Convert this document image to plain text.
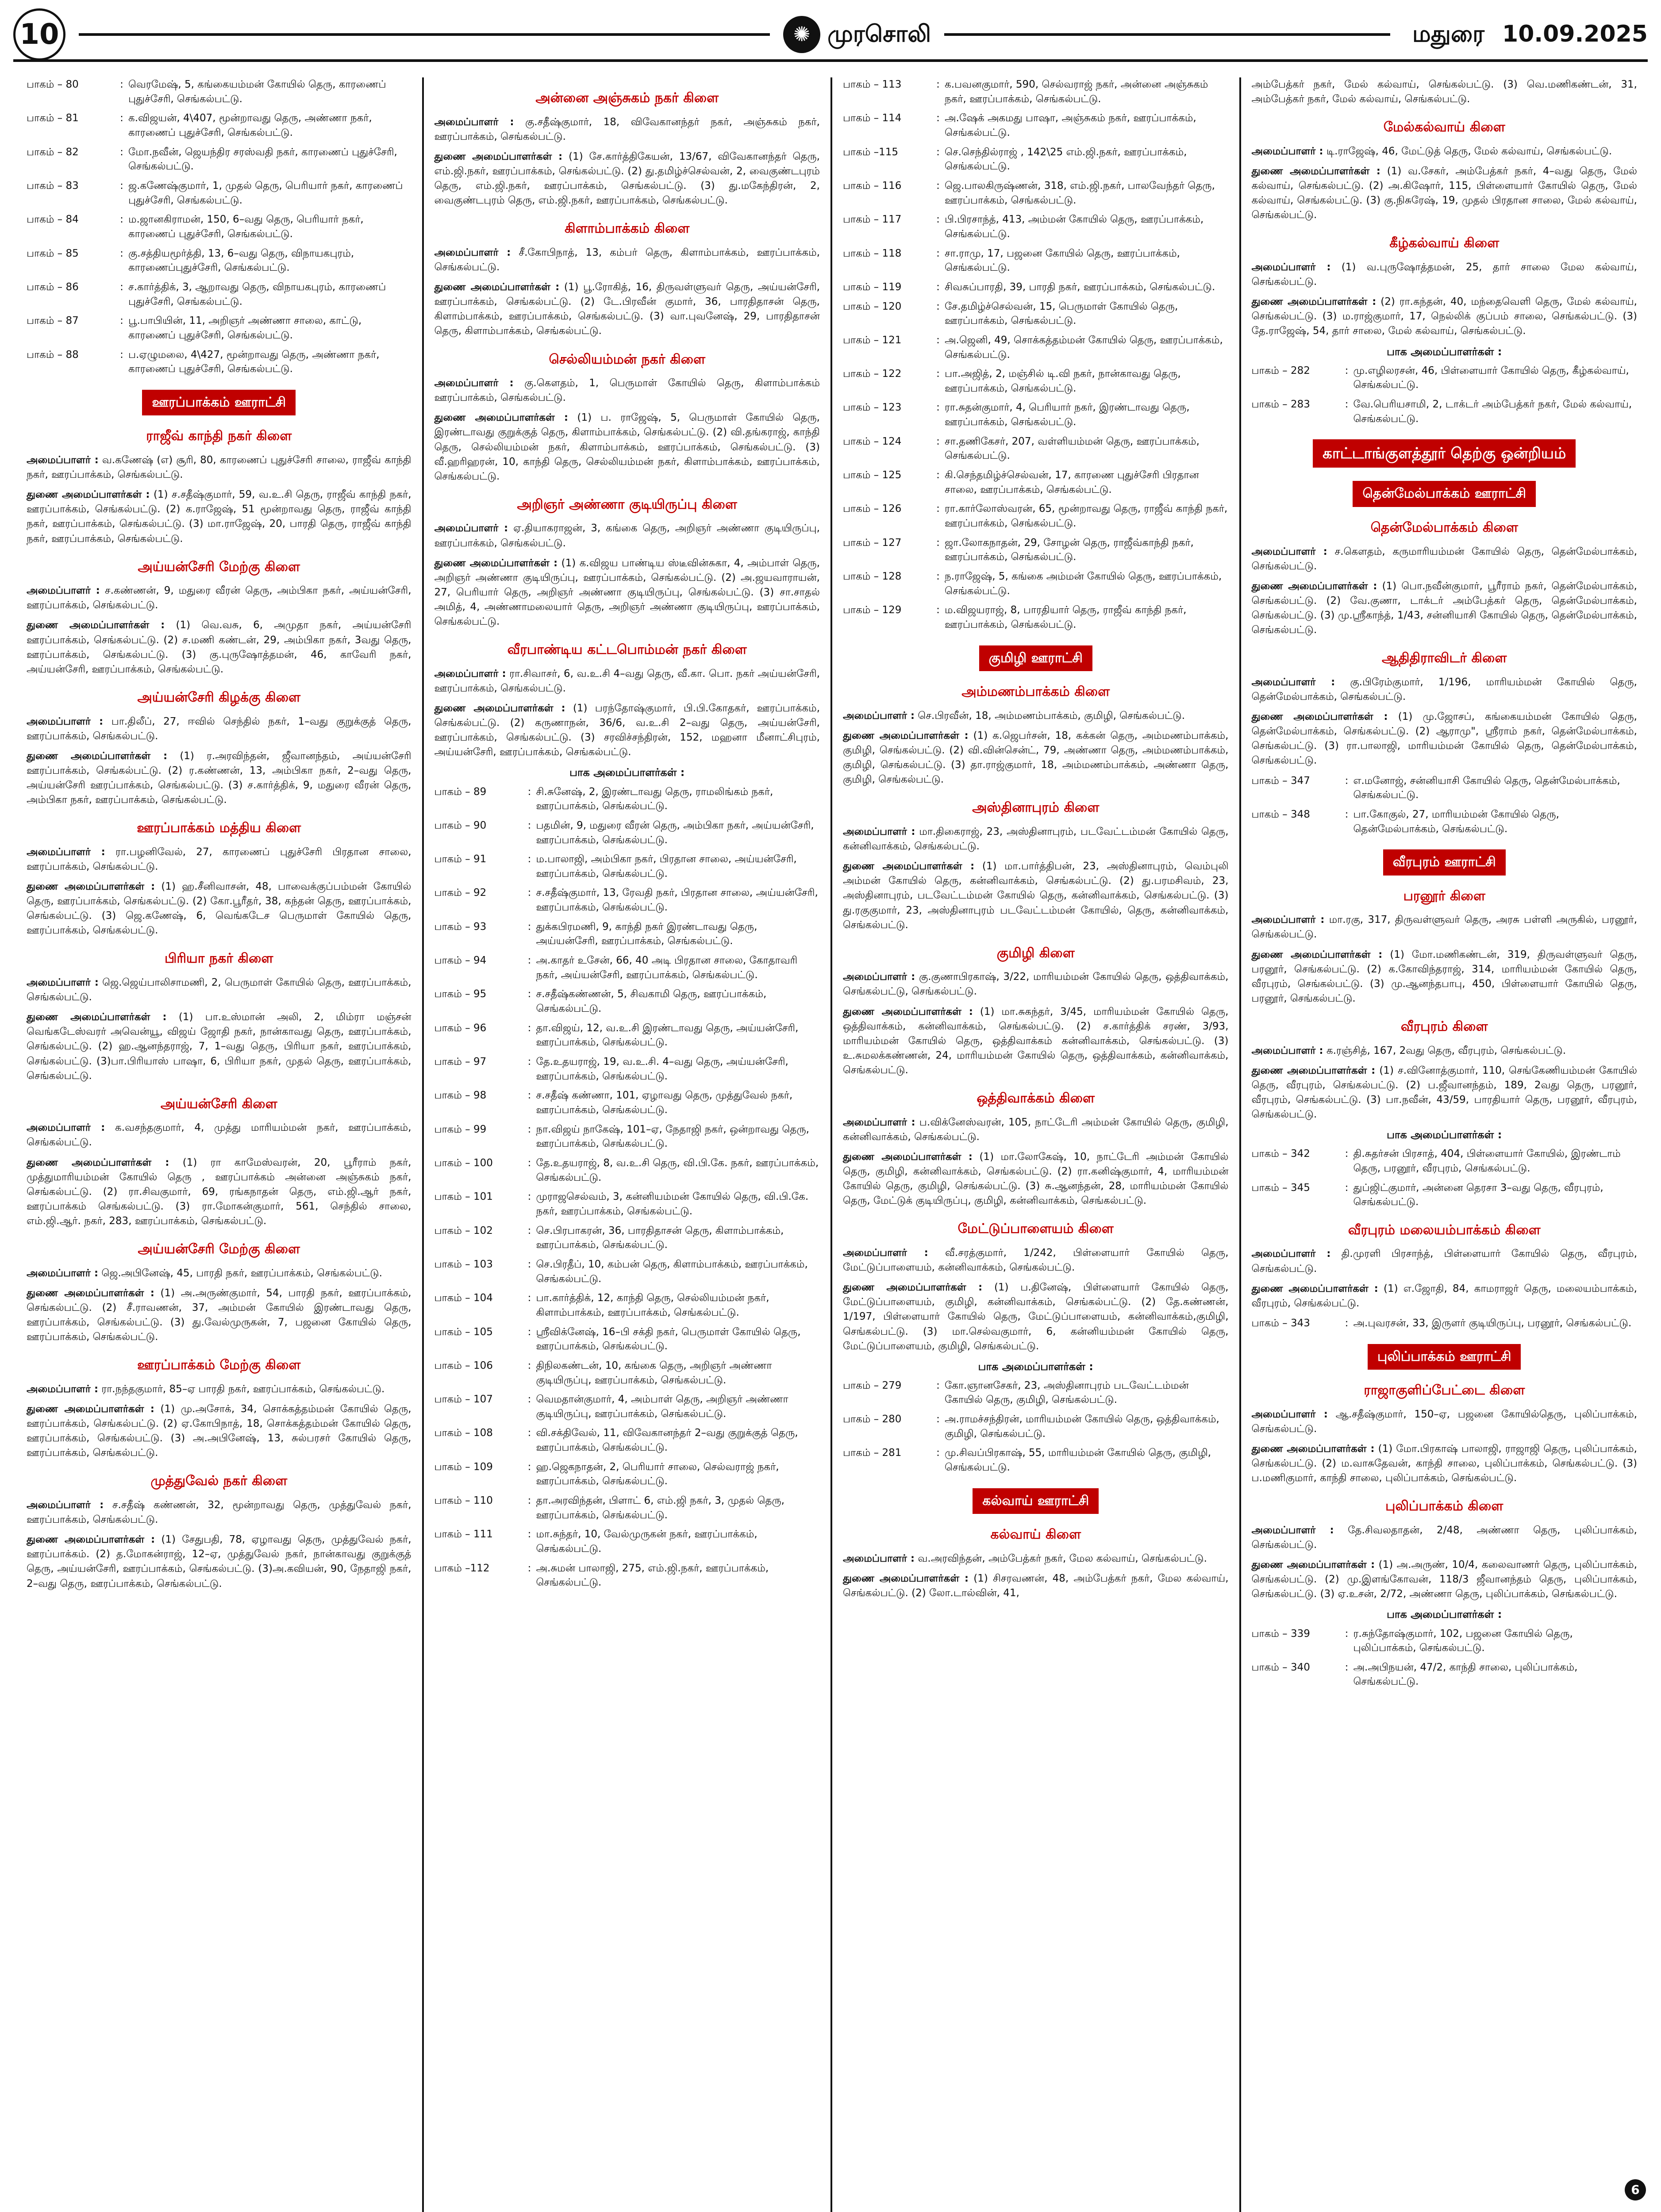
10	✺ முரசொலி	மதுரை 10.09.2025
பாகம் – 80	: வெரமேஷ், 5, கங்கையம்மன் கோயில் தெரு, காரணைப் புதுச்சேரி, செங்கல்பட்டு.
பாகம் – 81	: க.விஜயன், 4\407, மூன்றாவது தெரு, அண்ணா நகர், காரணைப் புதுச்சேரி, செங்கல்பட்டு.
பாகம் – 82	: மோ.நவீன், ஜெயந்திர சரஸ்வதி நகர், காரணைப் புதுச்சேரி, செங்கல்பட்டு.
பாகம் – 83	: ஜ.கணேஷ்குமார், 1, முதல் தெரு, பெரியார் நகர், காரணைப் புதுச்சேரி, செங்கல்பட்டு.
பாகம் – 84	: ம.ஜானகிராமன், 150, 6–வது தெரு, பெரியார் நகர், காரணைப் புதுச்சேரி, செங்கல்பட்டு.
பாகம் – 85	: கு.சத்தியமூர்த்தி, 13, 6–வது தெரு, விநாயகபுரம், காரணைப்புதுச்சேரி, செங்கல்பட்டு.
பாகம் – 86	: ச.கார்த்திக், 3, ஆறாவது தெரு, விநாயகபுரம், காரணைப் புதுச்சேரி, செங்கல்பட்டு.
பாகம் – 87	: பூ.பாபியின், 11, அறிஞர் அண்ணா சாலை, காட்டு, காரணைப் புதுச்சேரி, செங்கல்பட்டு.
பாகம் – 88	: ப.ஏழுமலை, 4\427, மூன்றாவது தெரு, அண்ணா நகர், காரணைப் புதுச்சேரி, செங்கல்பட்டு.
ஊரப்பாக்கம் ஊராட்சி
ராஜீவ் காந்தி நகர் கிளை
அமைப்பாளர் : வ.கணேஷ் (எ) சூரி, 80, காரணைப் புதுச்சேரி சாலை, ராஜீவ் காந்தி நகர், ஊரப்பாக்கம், செங்கல்பட்டு.
துணை அமைப்பாளர்கள் : (1) ச.சதீஷ்குமார், 59, வ.உ.சி தெரு, ராஜீவ் காந்தி நகர், ஊரப்பாக்கம், செங்கல்பட்டு. (2) க.ராஜேஷ், 51 மூன்றாவது தெரு, ராஜீவ் காந்தி நகர், ஊரப்பாக்கம், செங்கல்பட்டு. (3) மா.ராஜேஷ், 20, பாரதி தெரு, ராஜீவ் காந்தி நகர், ஊரப்பாக்கம், செங்கல்பட்டு.
அய்யன்சேரி மேற்கு கிளை
அமைப்பாளர் : ச.கண்ணன், 9, மதுரை வீரன் தெரு, அம்பிகா நகர், அய்யன்சேரி, ஊரப்பாக்கம், செங்கல்பட்டு.
துணை அமைப்பாளர்கள் : (1) வெ.வசு, 6, அமுதா நகர், அய்யன்சேரி ஊரப்பாக்கம், செங்கல்பட்டு. (2) ச.மணி கண்டன், 29, அம்பிகா நகர், 3வது தெரு, ஊரப்பாக்கம், செங்கல்பட்டு. (3) கு.புருஷோத்தமன், 46, காவேரி நகர், அய்யன்சேரி, ஊரப்பாக்கம், செங்கல்பட்டு.
அய்யன்சேரி கிழக்கு கிளை
அமைப்பாளர் : பா.திலீப், 27, ஈவில் செந்தில் நகர், 1–வது குறுக்குத் தெரு, ஊரப்பாக்கம், செங்கல்பட்டு.
துணை அமைப்பாளர்கள் : (1) ர.அரவிந்தன், ஜீவானந்தம், அய்யன்சேரி ஊரப்பாக்கம், செங்கல்பட்டு. (2) ர.கண்ணன், 13, அம்பிகா நகர், 2–வது தெரு, அய்யன்சேரி ஊரப்பாக்கம், செங்கல்பட்டு. (3) ச.கார்த்திக், 9, மதுரை வீரன் தெரு, அம்பிகா நகர், ஊரப்பாக்கம், செங்கல்பட்டு.
ஊரப்பாக்கம் மத்திய கிளை
அமைப்பாளர் : ரா.பழனிவேல், 27, காரணைப் புதுச்சேரி பிரதான சாலை, ஊரப்பாக்கம், செங்கல்பட்டு.
துணை அமைப்பாளர்கள் : (1) ஹ.சீனிவாசன், 48, பாவைக்குப்பம்மன் கோயில் தெரு, ஊரப்பாக்கம், செங்கல்பட்டு. (2) கோ.பூரீதர், 38, கந்தன் தெரு, ஊரப்பாக்கம், செங்கல்பட்டு. (3) ஜெ.கணேஷ், 6, வெங்கடேச பெருமாள் கோயில் தெரு, ஊரப்பாக்கம், செங்கல்பட்டு.
பிரியா நகர் கிளை
அமைப்பாளர் : ஜெ.ஜெய்பாலிசாமணி, 2, பெருமாள் கோயில் தெரு, ஊரப்பாக்கம், செங்கல்பட்டு.
துணை அமைப்பாளர்கள் : (1) பா.உஸ்மான் அலி, 2, மிம்ரா மஞ்சன் வெங்கடேஸ்வரர் அவென்யூ, விஜய் ஜோதி நகர், நான்காவது தெரு, ஊரப்பாக்கம், செங்கல்பட்டு. (2) ஹ.ஆனந்தராஜ், 7, 1–வது தெரு, பிரியா நகர், ஊரப்பாக்கம், செங்கல்பட்டு. (3)பா.பிரியாஸ் பாஷா, 6, பிரியா நகர், முதல் தெரு, ஊரப்பாக்கம், செங்கல்பட்டு.
அய்யன்சேரி கிளை
அமைப்பாளர் : க.வசந்தகுமார், 4, முத்து மாரியம்மன் நகர், ஊரப்பாக்கம், செங்கல்பட்டு.
துணை அமைப்பாளர்கள் : (1) ரா காமேஸ்வரன், 20, பூரீராம் நகர், முத்துமாரியம்மன் கோயில் தெரு , ஊரப்பாக்கம் அன்னை அஞ்சுகம் நகர், செங்கல்பட்டு. (2) ரா.சிவகுமார், 69, ரங்கநாதன் தெரு, எம்.ஜி.ஆர் நகர், ஊரப்பாக்கம் செங்கல்பட்டு. (3) ரா.மோகன்குமார், 561, செந்தில் சாலை, எம்.ஜி.ஆர். நகர், 283, ஊரப்பாக்கம், செங்கல்பட்டு.
அய்யன்சேரி மேற்கு கிளை
அமைப்பாளர் : ஜெ.அபினேஷ், 45, பாரதி நகர், ஊரப்பாக்கம், செங்கல்பட்டு.
துணை அமைப்பாளர்கள் : (1) அ.அருண்குமார், 54, பாரதி நகர், ஊரப்பாக்கம், செங்கல்பட்டு. (2) சீ.ராவணன், 37, அம்மன் கோயில் இரண்டாவது தெரு, ஊரப்பாக்கம், செங்கல்பட்டு. (3) து.வேல்முருகன், 7, பஜனை கோயில் தெரு, ஊரப்பாக்கம், செங்கல்பட்டு.
ஊரப்பாக்கம் மேற்கு கிளை
அமைப்பாளர் : ரா.நந்தகுமார், 85–ஏ பாரதி நகர், ஊரப்பாக்கம், செங்கல்பட்டு.
துணை அமைப்பாளர்கள் : (1) மு.அசோக், 34, சொக்கத்தம்மன் கோயில் தெரு, ஊரப்பாக்கம், செங்கல்பட்டு. (2) ஏ.கோபிநாத், 18, சொக்கத்தம்மன் கோயில் தெரு, ஊரப்பாக்கம், செங்கல்பட்டு. (3) அ.அபினேஷ், 13, சுல்பரசர் கோயில் தெரு, ஊரப்பாக்கம், செங்கல்பட்டு.
முத்துவேல் நகர் கிளை
அமைப்பாளர் : ச.சதீஷ் கண்ணன், 32, மூன்றாவது தெரு, முத்துவேல் நகர், ஊரப்பாக்கம், செங்கல்பட்டு.
துணை அமைப்பாளர்கள் : (1) சேதுபதி, 78, ஏழாவது தெரு, முத்துவேல் நகர், ஊரப்பாக்கம். (2) த.மோகன்ராஜ், 12–ஏ, முத்துவேல் நகர், நான்காவது குறுக்குத் தெரு, அய்யன்சேரி, ஊரப்பாக்கம், செங்கல்பட்டு. (3)அ.கவியன், 90, நேதாஜி நகர், 2–வது தெரு, ஊரப்பாக்கம், செங்கல்பட்டு.
அன்னை அஞ்சுகம் நகர் கிளை
அமைப்பாளர் : கு.சதீஷ்குமார், 18, விவேகானந்தர் நகர், அஞ்சுகம் நகர், ஊரப்பாக்கம், செங்கல்பட்டு.
துணை அமைப்பாளர்கள் : (1) சே.கார்த்திகேயன், 13/67, விவேகானந்தர் தெரு, எம்.ஜி.நகர், ஊரப்பாக்கம், செங்கல்பட்டு. (2) து.தமிழ்ச்செல்வன், 2, வைகுண்டபுரம் தெரு, எம்.ஜி.நகர், ஊரப்பாக்கம், செங்கல்பட்டு. (3) து.மகேந்திரன், 2, வைகுண்டபுரம் தெரு, எம்.ஜி.நகர், ஊரப்பாக்கம், செங்கல்பட்டு.
கிளாம்பாக்கம் கிளை
அமைப்பாளர் : சீ.கோபிநாத், 13, கம்பர் தெரு, கிளாம்பாக்கம், ஊரப்பாக்கம், செங்கல்பட்டு.
துணை அமைப்பாளர்கள் : (1) பூ.ரோகித், 16, திருவள்ளுவர் தெரு, அய்யன்சேரி, ஊரப்பாக்கம், செங்கல்பட்டு. (2) டே.பிரவீன் குமார், 36, பாரதிதாசன் தெரு, கிளாம்பாக்கம், ஊரப்பாக்கம், செங்கல்பட்டு. (3) வா.புவனேஷ், 29, பாரதிதாசன் தெரு, கிளாம்பாக்கம், செங்கல்பட்டு.
செல்லியம்மன் நகர் கிளை
அமைப்பாளர் : கு.கௌதம், 1, பெருமாள் கோயில் தெரு, கிளாம்பாக்கம் ஊரப்பாக்கம், செங்கல்பட்டு.
துணை அமைப்பாளர்கள் : (1) ப. ராஜேஷ், 5, பெருமாள் கோயில் தெரு, இரண்டாவது குறுக்குத் தெரு, கிளாம்பாக்கம், செங்கல்பட்டு. (2) வி.தங்கராஜ், காந்தி தெரு, செல்லியம்மன் நகர், கிளாம்பாக்கம், ஊரப்பாக்கம், செங்கல்பட்டு. (3) வீ.ஹரிஹரன், 10, காந்தி தெரு, செல்லியம்மன் நகர், கிளாம்பாக்கம், ஊரப்பாக்கம், செங்கல்பட்டு.
அறிஞர் அண்ணா குடியிருப்பு கிளை
அமைப்பாளர் : ஏ.தியாகராஜன், 3, கங்கை தெரு, அறிஞர் அண்ணா குடியிருப்பு, ஊரப்பாக்கம், செங்கல்பட்டு.
துணை அமைப்பாளர்கள் : (1) க.விஜய பாண்டிய ஸ்டீவின்சுகா, 4, அம்பாள் தெரு, அறிஞர் அண்ணா குடியிருப்பு, ஊரப்பாக்கம், செங்கல்பட்டு. (2) அ.ஜயவாராயன், 27, பெரியார் தெரு, அறிஞர் அண்ணா குடியிருப்பு, செங்கல்பட்டு. (3) சா.சாதல் அமித், 4, அண்ணாமலையார் தெரு, அறிஞர் அண்ணா குடியிருப்பு, ஊரப்பாக்கம், செங்கல்பட்டு.
வீரபாண்டிய கட்டபொம்மன் நகர் கிளை
அமைப்பாளர் : ரா.சிவாசர், 6, வ.உ.சி 4–வது தெரு, வீ.கா. பொ. நகர் அய்யன்சேரி, ஊரப்பாக்கம், செங்கல்பட்டு.
துணை அமைப்பாளர்கள் : (1) பரந்தோஷ்குமார், பி.பி.கோதகர், ஊரப்பாக்கம், செங்கல்பட்டு. (2) கருணாநன், 36/6, வ.உ.சி 2–வது தெரு, அய்யன்சேரி, ஊரப்பாக்கம், செங்கல்பட்டு. (3) சரவிச்சந்திரன், 152, மஹனா மீனாட்சிபுரம், அய்யன்சேரி, ஊரப்பாக்கம், செங்கல்பட்டு.
பாக அமைப்பாளர்கள் :
பாகம் – 89	: சி.சுனேஷ், 2, இரண்டாவது தெரு, ராமலிங்கம் நகர், ஊரப்பாக்கம், செங்கல்பட்டு.
பாகம் – 90	: பதமின், 9, மதுரை வீரன் தெரு, அம்பிகா நகர், அய்யன்சேரி, ஊரப்பாக்கம், செங்கல்பட்டு.
பாகம் – 91	: ம.பாலாஜி, அம்பிகா நகர், பிரதான சாலை, அய்யன்சேரி, ஊரப்பாக்கம், செங்கல்பட்டு.
பாகம் – 92	: ச.சதீஷ்குமார், 13, ரேவதி நகர், பிரதான சாலை, அய்யன்சேரி, ஊரப்பாக்கம், செங்கல்பட்டு.
பாகம் – 93	: துக்கபிரமணி, 9, காந்தி நகர் இரண்டாவது தெரு, அய்யன்சேரி, ஊரப்பாக்கம், செங்கல்பட்டு.
பாகம் – 94	: அ.காதர் உசேன், 66, 40 அடி பிரதான சாலை, கோதாவரி நகர், அய்யன்சேரி, ஊரப்பாக்கம், செங்கல்பட்டு.
பாகம் – 95	: ச.சதீஷ்கண்ணன், 5, சிவகாமி தெரு, ஊரப்பாக்கம், செங்கல்பட்டு.
பாகம் – 96	: தா.விஜய், 12, வ.உ.சி இரண்டாவது தெரு, அய்யன்சேரி, ஊரப்பாக்கம், செங்கல்பட்டு.
பாகம் – 97	: தே.உதயராஜ், 19, வ.உ.சி. 4–வது தெரு, அய்யன்சேரி, ஊரப்பாக்கம், செங்கல்பட்டு.
பாகம் – 98	: ச.சதீஷ் கண்ணா, 101, ஏழாவது தெரு, முத்துவேல் நகர், ஊரப்பாக்கம், செங்கல்பட்டு.
பாகம் – 99	: நா.விஜய் நாகேஷ், 101–ஏ, நேதாஜி நகர், ஒன்றாவது தெரு, ஊரப்பாக்கம், செங்கல்பட்டு.
பாகம் – 100	: தே.உதயராஜ், 8, வ.உ.சி தெரு, வி.பி.கே. நகர், ஊரப்பாக்கம், செங்கல்பட்டு.
பாகம் – 101	: முராஜசெல்வம், 3, கன்னியம்மன் கோயில் தெரு, வி.பி.கே. நகர், ஊரப்பாக்கம், செங்கல்பட்டு.
பாகம் – 102	: செ.பிரபாகரன், 36, பாரதிதாசன் தெரு, கிளாம்பாக்கம், ஊரப்பாக்கம், செங்கல்பட்டு.
பாகம் – 103	: செ.பிரதீப், 10, கம்பன் தெரு, கிளாம்பாக்கம், ஊரப்பாக்கம், செங்கல்பட்டு.
பாகம் – 104	: பா.கார்த்திக், 12, காந்தி தெரு, செல்லியம்மன் நகர், கிளாம்பாக்கம், ஊரப்பாக்கம், செங்கல்பட்டு.
பாகம் – 105	: ஸ்ரீவிக்னேஷ், 16–பி சக்தி நகர், பெருமாள் கோயில் தெரு, ஊரப்பாக்கம், செங்கல்பட்டு.
பாகம் – 106	: திநிலகண்டன், 10, கங்கை தெரு, அறிஞர் அண்ணா குடியிருப்பு, ஊரப்பாக்கம், செங்கல்பட்டு.
பாகம் – 107	: வெமதான்குமார், 4, அம்பாள் தெரு, அறிஞர் அண்ணா குடியிருப்பு, ஊரப்பாக்கம், செங்கல்பட்டு.
பாகம் – 108	: வி.சக்திவேல், 11, விவேகானந்தர் 2–வது குறுக்குத் தெரு, ஊரப்பாக்கம், செங்கல்பட்டு.
பாகம் – 109	: ஹ.ஜெகநாதன், 2, பெரியார் சாலை, செல்வராஜ் நகர், ஊரப்பாக்கம், செங்கல்பட்டு.
பாகம் – 110	: தா.அரவிந்தன், பிளாட் 6, எம்.ஜி நகர், 3, முதல் தெரு, ஊரப்பாக்கம், செங்கல்பட்டு.
பாகம் – 111	: மா.சுந்தர், 10, வேல்முருகன் நகர், ஊரப்பாக்கம், செங்கல்பட்டு.
பாகம் –112	: அ.சுமன் பாலாஜி, 275, எம்.ஜி.நகர், ஊரப்பாக்கம், செங்கல்பட்டு.
பாகம் – 113	: க.பவனகுமார், 590, செல்வராஜ் நகர், அன்னை அஞ்சுகம் நகர், ஊரப்பாக்கம், செங்கல்பட்டு.
பாகம் – 114	: அ.ஷேக் அகமது பாஷா, அஞ்சுகம் நகர், ஊரப்பாக்கம், செங்கல்பட்டு.
பாகம் –115	: செ.செந்தில்ராஜ் , 142\25 எம்.ஜி.நகர், ஊரப்பாக்கம், செங்கல்பட்டு.
பாகம் – 116	: ஜெ.பாலகிருஷ்ணன், 318, எம்.ஜி.நகர், பாலவேந்தர் தெரு, ஊரப்பாக்கம், செங்கல்பட்டு.
பாகம் – 117	: பி.பிரசாந்த், 413, அம்மன் கோயில் தெரு, ஊரப்பாக்கம், செங்கல்பட்டு.
பாகம் – 118	: சா.ராமு, 17, பஜனை கோயில் தெரு, ஊரப்பாக்கம், செங்கல்பட்டு.
பாகம் – 119	: சிவசுப்பாரதி, 39, பாரதி நகர், ஊரப்பாக்கம், செங்கல்பட்டு.
பாகம் – 120	: சே.தமிழ்ச்செல்வன், 15, பெருமாள் கோயில் தெரு, ஊரப்பாக்கம், செங்கல்பட்டு.
பாகம் – 121	: அ.ஜெனி, 49, சொக்கத்தம்மன் கோயில் தெரு, ஊரப்பாக்கம், செங்கல்பட்டு.
பாகம் – 122	: பா.அஜித், 2, மஞ்சில் டி.வி நகர், நான்காவது தெரு, ஊரப்பாக்கம், செங்கல்பட்டு.
பாகம் – 123	: ரா.சுதன்குமார், 4, பெரியார் நகர், இரண்டாவது தெரு, ஊரப்பாக்கம், செங்கல்பட்டு.
பாகம் – 124	: சா.தணிகேசர், 207, வள்ளியம்மன் தெரு, ஊரப்பாக்கம், செங்கல்பட்டு.
பாகம் – 125	: கி.செந்தமிழ்ச்செல்வன், 17, காரணை புதுச்சேரி பிரதான சாலை, ஊரப்பாக்கம், செங்கல்பட்டு.
பாகம் – 126	: ரா.கார்லோஸ்வரன், 65, மூன்றாவது தெரு, ராஜீவ் காந்தி நகர், ஊரப்பாக்கம், செங்கல்பட்டு.
பாகம் – 127	: ஜா.லோகநாதன், 29, சோழன் தெரு, ராஜீவ்காந்தி நகர், ஊரப்பாக்கம், செங்கல்பட்டு.
பாகம் – 128	: ந.ராஜேஷ், 5, கங்கை அம்மன் கோயில் தெரு, ஊரப்பாக்கம், செங்கல்பட்டு.
பாகம் – 129	: ம.விஜயராஜ், 8, பாரதியார் தெரு, ராஜீவ் காந்தி நகர், ஊரப்பாக்கம், செங்கல்பட்டு.
குமிழி ஊராட்சி
அம்மணம்பாக்கம் கிளை
அமைப்பாளர் : செ.பிரவீன், 18, அம்மணம்பாக்கம், குமிழி, செங்கல்பட்டு.
துணை அமைப்பாளர்கள் : (1) க.ஜெபர்சன், 18, கக்கன் தெரு, அம்மணம்பாக்கம், குமிழி, செங்கல்பட்டு. (2) வி.வின்சென்ட், 79, அண்ணா தெரு, அம்மணம்பாக்கம், குமிழி, செங்கல்பட்டு. (3) தா.ராஜ்குமார், 18, அம்மணம்பாக்கம், அண்ணா தெரு, குமிழி, செங்கல்பட்டு.
அஸ்தினாபுரம் கிளை
அமைப்பாளர் : மா.திகைராஜ், 23, அஸ்தினாபுரம், படவேட்டம்மன் கோயில் தெரு, கன்னிவாக்கம், செங்கல்பட்டு.
துணை அமைப்பாளர்கள் : (1) மா.பார்த்திபன், 23, அஸ்தினாபுரம், வெம்புலி அம்மன் கோயில் தெரு, கன்னிவாக்கம், செங்கல்பட்டு. (2) து.பரமசிவம், 23, அஸ்தினாபுரம், படவேட்டம்மன் கோயில் தெரு, கன்னிவாக்கம், செங்கல்பட்டு. (3) து.ரகுகுமார், 23, அஸ்தினாபுரம் படவேட்டம்மன் கோயில், தெரு, கன்னிவாக்கம், செங்கல்பட்டு.
குமிழி கிளை
அமைப்பாளர் : கு.குணாபிரகாஷ், 3/22, மாரியம்மன் கோயில் தெரு, ஒத்திவாக்கம், செங்கல்பட்டு, செங்கல்பட்டு.
துணை அமைப்பாளர்கள் : (1) மா.சுகந்தர், 3/45, மாரியம்மன் கோயில் தெரு, ஒத்திவாக்கம், கன்னிவாக்கம், செங்கல்பட்டு. (2) ச.கார்த்திக் சரண், 3/93, மாரியம்மன் கோயில் தெரு, ஒத்திவாக்கம் கன்னிவாக்கம், செங்கல்பட்டு. (3) உ.சுமலக்கண்ணன், 24, மாரியம்மன் கோயில் தெரு, ஒத்திவாக்கம், கன்னிவாக்கம், செங்கல்பட்டு.
ஒத்திவாக்கம் கிளை
அமைப்பாளர் : ப.விக்னேஸ்வரன், 105, நாட்டேரி அம்மன் கோயில் தெரு, குமிழி, கன்னிவாக்கம், செங்கல்பட்டு.
துணை அமைப்பாளர்கள் : (1) மா.லோகேஷ், 10, நாட்டேரி அம்மன் கோயில் தெரு, குமிழி, கன்னிவாக்கம், செங்கல்பட்டு. (2) ரா.கனிஷ்குமார், 4, மாரியம்மன் கோயில் தெரு, குமிழி, செங்கல்பட்டு. (3) சு.ஆனந்தன், 28, மாரியம்மன் கோயில் தெரு, மேட்டுக் குடியிருப்பு, குமிழி, கன்னிவாக்கம், செங்கல்பட்டு.
மேட்டுப்பாளையம் கிளை
அமைப்பாளர் : வீ.சரத்குமார், 1/242, பிள்ளையார் கோயில் தெரு, மேட்டுப்பாளையம், கன்னிவாக்கம், செங்கல்பட்டு.
துணை அமைப்பாளர்கள் : (1) ப.தினேஷ், பிள்ளையார் கோயில் தெரு, மேட்டுப்பாளையம், குமிழி, கன்னிவாக்கம், செங்கல்பட்டு. (2) தே.கண்ணன், 1/197, பிள்ளையார் கோயில் தெரு, மேட்டுப்பாளையம், கன்னிவாக்கம்,குமிழி, செங்கல்பட்டு. (3) மா.செல்வகுமார், 6, கன்னியம்மன் கோயில் தெரு, மேட்டுப்பாளையம், குமிழி, செங்கல்பட்டு.
பாக அமைப்பாளர்கள் :
பாகம் – 279	: கோ.ஞானசேகர், 23, அஸ்தினாபுரம் படவேட்டம்மன் கோயில் தெரு, குமிழி, செங்கல்பட்டு.
பாகம் – 280	: அ.ராமச்சந்திரன், மாரியம்மன் கோயில் தெரு, ஒத்திவாக்கம், குமிழி, செங்கல்பட்டு.
பாகம் – 281	: மு.சிவப்பிரகாஷ், 55, மாரியம்மன் கோயில் தெரு, குமிழி, செங்கல்பட்டு.
கல்வாய் ஊராட்சி
கல்வாய் கிளை
அமைப்பாளர் : வ.அரவிந்தன், அம்பேத்கர் நகர், மேல கல்வாய், செங்கல்பட்டு.
துணை அமைப்பாளர்கள் : (1) சிசரவணன், 48, அம்பேத்கர் நகர், மேல கல்வாய், செங்கல்பட்டு. (2) லோ.டால்வின், 41,
அம்பேத்கர் நகர், மேல் கல்வாய், செங்கல்பட்டு. (3) வெ.மணிகண்டன், 31, அம்பேத்கர் நகர், மேல் கல்வாய், செங்கல்பட்டு.
மேல்கல்வாய் கிளை
அமைப்பாளர் : டி.ராஜேஷ், 46, மேட்டுத் தெரு, மேல் கல்வாய், செங்கல்பட்டு.
துணை அமைப்பாளர்கள் : (1) வ.சேகர், அம்பேத்கர் நகர், 4–வது தெரு, மேல் கல்வாய், செங்கல்பட்டு. (2) அ.கிஷோர், 115, பிள்ளையார் கோயில் தெரு, மேல் கல்வாய், செங்கல்பட்டு. (3) கு.நிசுரேஷ், 19, முதல் பிரதான சாலை, மேல் கல்வாய், செங்கல்பட்டு.
கீழ்கல்வாய் கிளை
அமைப்பாளர் : (1) வ.புருஷோத்தமன், 25, தார் சாலை மேல கல்வாய், செங்கல்பட்டு.
துணை அமைப்பாளர்கள் : (2) ரா.கந்தன், 40, மந்தைவெளி தெரு, மேல் கல்வாய், செங்கல்பட்டு. (3) ம.ராஜ்குமார், 17, நெல்லிக் குப்பம் சாலை, செங்கல்பட்டு. (3) தே.ராஜேஷ், 54, தார் சாலை, மேல் கல்வாய், செங்கல்பட்டு.
பாக அமைப்பாளர்கள் :
பாகம் – 282	: மு.எழிலரசன், 46, பிள்ளையார் கோயில் தெரு, கீழ்கல்வாய், செங்கல்பட்டு.
பாகம் – 283	: வே.பெரியசாமி, 2, டாக்டர் அம்பேத்கர் நகர், மேல் கல்வாய், செங்கல்பட்டு.
காட்டாங்குளத்தூர் தெற்கு ஒன்றியம்
தென்மேல்பாக்கம் ஊராட்சி
தென்மேல்பாக்கம் கிளை
அமைப்பாளர் : ச.கௌதம், கருமாரியம்மன் கோயில் தெரு, தென்மேல்பாக்கம், செங்கல்பட்டு.
துணை அமைப்பாளர்கள் : (1) பொ.நவீன்குமார், பூரீராம் நகர், தென்மேல்பாக்கம், செங்கல்பட்டு. (2) வே.குணா, டாக்டர் அம்பேத்கர் தெரு, தென்மேல்பாக்கம், செங்கல்பட்டு. (3) மு.ஸ்ரீகாந்த், 1/43, சன்னியாசி கோயில் தெரு, தென்மேல்பாக்கம், செங்கல்பட்டு.
ஆதிதிராவிடர் கிளை
அமைப்பாளர் : கு.பிரேம்குமார், 1/196, மாரியம்மன் கோயில் தெரு, தென்மேல்பாக்கம், செங்கல்பட்டு.
துணை அமைப்பாளர்கள் : (1) மு.ஜோசப், கங்கையம்மன் கோயில் தெரு, தென்மேல்பாக்கம், செங்கல்பட்டு. (2) ஆராமு", ஸ்ரீராம் நகர், தென்மேல்பாக்கம், செங்கல்பட்டு. (3) ரா.பாலாஜி, மாரியம்மன் கோயில் தெரு, தென்மேல்பாக்கம், செங்கல்பட்டு.
பாகம் – 347	: எ.மனோஜ், சன்னியாசி கோயில் தெரு, தென்மேல்பாக்கம், செங்கல்பட்டு.
பாகம் – 348	: பா.கோகுல், 27, மாரியம்மன் கோயில் தெரு, தென்மேல்பாக்கம், செங்கல்பட்டு.
வீரபுரம் ஊராட்சி
பரனூர் கிளை
அமைப்பாளர் : மா.ரகு, 317, திருவள்ளுவர் தெரு, அரசு பள்ளி அருகில், பரனூர், செங்கல்பட்டு.
துணை அமைப்பாளர்கள் : (1) மோ.மணிகண்டன், 319, திருவள்ளுவர் தெரு, பரனூர், செங்கல்பட்டு. (2) க.கோவிந்தராஜ், 314, மாரியம்மன் கோயில் தெரு, வீரபுரம், செங்கல்பட்டு. (3) மு.ஆனந்தபாபு, 450, பிள்ளையார் கோயில் தெரு, பரனூர், செங்கல்பட்டு.
வீரபுரம் கிளை
அமைப்பாளர் : க.ரஞ்சித், 167, 2வது தெரு, வீரபுரம், செங்கல்பட்டு.
துணை அமைப்பாளர்கள் : (1) ச.வினோத்குமார், 110, செங்கேணியம்மன் கோயில் தெரு, வீரபுரம், செங்கல்பட்டு. (2) ப.ஜீவானந்தம், 189, 2வது தெரு, பரனூர், வீரபுரம், செங்கல்பட்டு. (3) பா.நவீன், 43/59, பாரதியார் தெரு, பரனூர், வீரபுரம், செங்கல்பட்டு.
பாக அமைப்பாளர்கள் :
பாகம் – 342	: தி.சுதர்சன் பிரசாத், 404, பிள்ளையார் கோயில், இரண்டாம் தெரு, பரனூர், வீரபுரம், செங்கல்பட்டு.
பாகம் – 345	: துப்ஜிட்குமார், அன்னை தெரசா 3–வது தெரு, வீரபுரம், செங்கல்பட்டு.
வீரபுரம் மலையம்பாக்கம் கிளை
அமைப்பாளர் : தி.முரளி பிரசாந்த், பிள்ளையார் கோயில் தெரு, வீரபுரம், செங்கல்பட்டு.
துணை அமைப்பாளர்கள் : (1) எ.ஜோதி, 84, காமராஜர் தெரு, மலையம்பாக்கம், வீரபுரம், செங்கல்பட்டு.
பாகம் – 343	: அ.புவரசன், 33, இருளர் குடியிருப்பு, பரனூர், செங்கல்பட்டு.
புலிப்பாக்கம் ஊராட்சி
ராஜாகுளிப்பேட்டை கிளை
அமைப்பாளர் : ஆ.சதீஷ்குமார், 150–ஏ, பஜனை கோயில்தெரு, புலிப்பாக்கம், செங்கல்பட்டு.
துணை அமைப்பாளர்கள் : (1) மோ.பிரகாஷ் பாலாஜி, ராஜாஜி தெரு, புலிப்பாக்கம், செங்கல்பட்டு. (2) ம.வாசுதேவன், காந்தி சாலை, புலிப்பாக்கம், செங்கல்பட்டு. (3) ப.மணிகுமார், காந்தி சாலை, புலிப்பாக்கம், செங்கல்பட்டு.
புலிப்பாக்கம் கிளை
அமைப்பாளர் : தே.சிவலதாதன், 2/48, அண்ணா தெரு, புலிப்பாக்கம், செங்கல்பட்டு.
துணை அமைப்பாளர்கள் : (1) அ.அருண், 10/4, கலைவாணர் தெரு, புலிப்பாக்கம், செங்கல்பட்டு. (2) மு.இளங்கோவன், 118/3 ஜீவானந்தம் தெரு, புலிப்பாக்கம், செங்கல்பட்டு. (3) ஏ.உசன், 2/72, அண்ணா தெரு, புலிப்பாக்கம், செங்கல்பட்டு.
பாக அமைப்பாளர்கள் :
பாகம் – 339	: ர.சுந்தோஷ்குமார், 102, பஜனை கோயில் தெரு, புலிப்பாக்கம், செங்கல்பட்டு.
பாகம் – 340	: அ.அபிநயன், 47/2, காந்தி சாலை, புலிப்பாக்கம், செங்கல்பட்டு.
6
